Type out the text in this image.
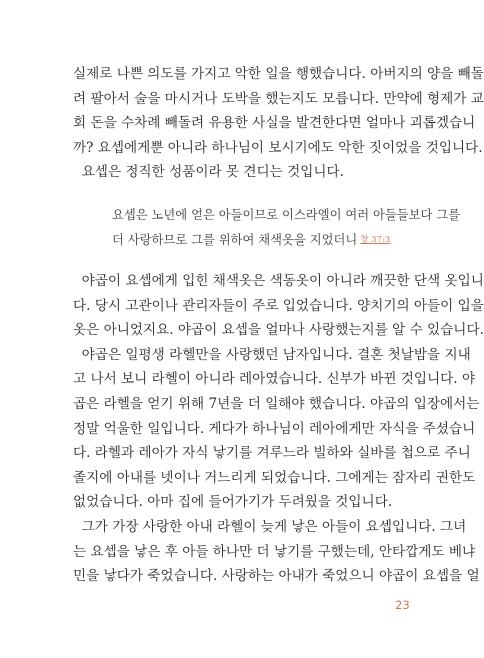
실제로 나쁜 의도를 가지고 악한 일을 행했습니다. 아버지의 양을 빼돌
려 팔아서 술을 마시거나 도박을 했는지도 모릅니다. 만약에 형제가 교
회 돈을 수차례 빼돌려 유용한 사실을 발견한다면 얼마나 괴롭겠습니
까? 요셉에게뿐 아니라 하나님이 보시기에도 악한 짓이었을 것입니다.
요셉은 정직한 성품이라 못 견디는 것입니다.
요셉은 노년에 얻은 아들이므로 이스라엘이 여러 아들들보다 그를
더 사랑하므로 그를 위하여 채색옷을 지었더니 창 37:3
야곱이 요셉에게 입힌 채색옷은 색동옷이 아니라 깨끗한 단색 옷입니
다. 당시 고관이나 관리자들이 주로 입었습니다. 양치기의 아들이 입을
옷은 아니었지요. 야곱이 요셉을 얼마나 사랑했는지를 알 수 있습니다.
야곱은 일평생 라헬만을 사랑했던 남자입니다. 결혼 첫날밤을 지내
고 나서 보니 라헬이 아니라 레아였습니다. 신부가 바뀐 것입니다. 야
곱은 라헬을 얻기 위해 7년을 더 일해야 했습니다. 야곱의 입장에서는
정말 억울한 일입니다. 게다가 하나님이 레아에게만 자식을 주셨습니
다. 라헬과 레아가 자식 낳기를 겨루느라 빌하와 실바를 첩으로 주니
졸지에 아내를 넷이나 거느리게 되었습니다. 그에게는 잠자리 권한도
없었습니다. 아마 집에 들어가기가 두려웠을 것입니다.
그가 가장 사랑한 아내 라헬이 늦게 낳은 아들이 요셉입니다. 그녀
는 요셉을 낳은 후 아들 하나만 더 낳기를 구했는데, 안타깝게도 베냐
민을 낳다가 죽었습니다. 사랑하는 아내가 죽었으니 야곱이 요셉을 얼
23
